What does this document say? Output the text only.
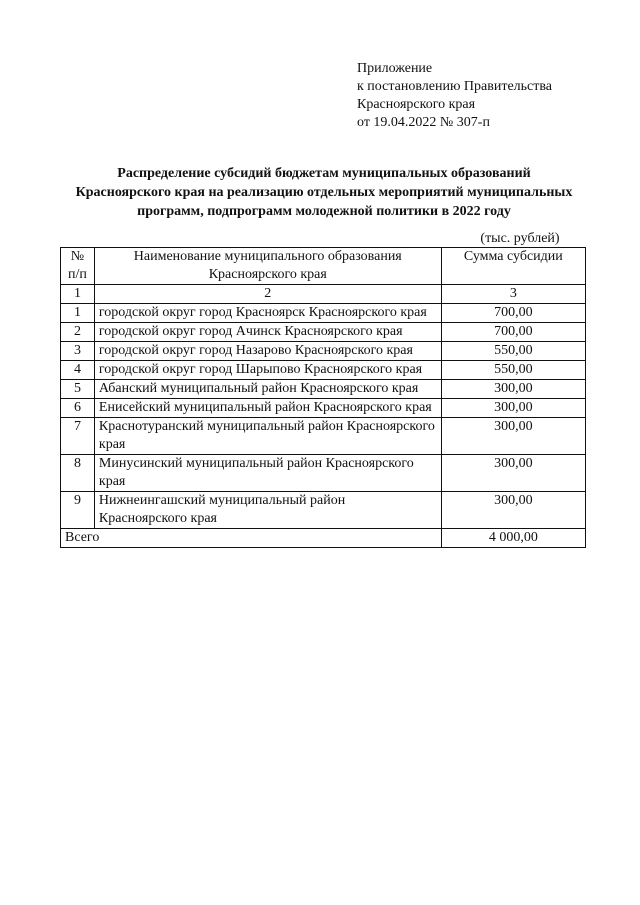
Приложение
к постановлению Правительства
Красноярского края
от 19.04.2022 № 307-п
Распределение субсидий бюджетам муниципальных образований
Красноярского края на реализацию отдельных мероприятий муниципальных
программ, подпрограмм молодежной политики в 2022 году
(тыс. рублей)
№ п/п	Наименование муниципального образования Красноярского края	Сумма субсидии
1	2	3
1	городской округ город Красноярск Красноярского края	700,00
2	городской округ город Ачинск Красноярского края	700,00
3	городской округ город Назарово Красноярского края	550,00
4	городской округ город Шарыпово Красноярского края	550,00
5	Абанский муниципальный район Красноярского края	300,00
6	Енисейский муниципальный район Красноярского края	300,00
7	Краснотуранский муниципальный район Красноярского края	300,00
8	Минусинский муниципальный район Красноярского края	300,00
9	Нижнеингашский муниципальный район Красноярского края	300,00
Всего		4 000,00
